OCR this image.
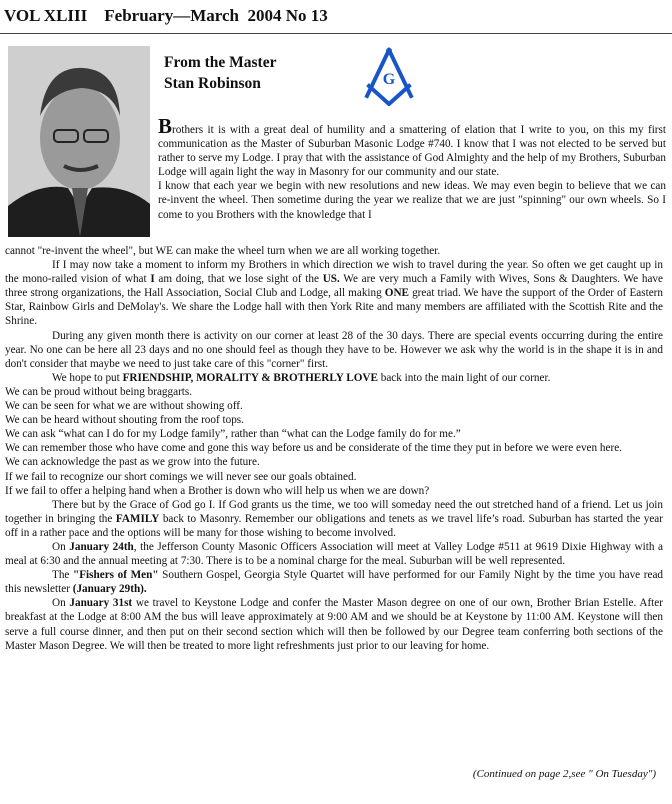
VOL XLIII    February—March  2004 No 13
From the Master
Stan Robinson	G
Brothers it is with a great deal of humility and a smattering of elation that I write to you, on this my first communication as the Master of Suburban Masonic Lodge #740. I know that I was not elected to be served but rather to serve my Lodge. I pray that with the assistance of God Almighty and the help of my Brothers, Suburban Lodge will again light the way in Masonry for our community and our state.
I know that each year we begin with new resolutions and new ideas. We may even begin to believe that we can re-invent the wheel. Then sometime during the year we realize that we are just "spinning" our own wheels. So I come to you Brothers with the knowledge that I

cannot "re-invent the wheel", but WE can make the wheel turn when we are all working together.

If I may now take a moment to inform my Brothers in which direction we wish to travel during the year. So often we get caught up in the mono-railed vision of what I am doing, that we lose sight of the US. We are very much a Family with Wives, Sons & Daughters. We have three strong organizations, the Hall Association, Social Club and Lodge, all making ONE great triad. We have the support of the Order of Eastern Star, Rainbow Girls and DeMolay's. We share the Lodge hall with then York Rite and many members are affiliated with the Scottish Rite and the Shrine.

During any given month there is activity on our corner at least 28 of the 30 days. There are special events occurring during the entire year. No one can be here all 23 days and no one should feel as though they have to be. However we ask why the world is in the shape it is in and don't consider that maybe we need to just take care of this "corner" first.

We hope to put FRIENDSHIP, MORALITY & BROTHERLY LOVE back into the main light of our corner.

We can be proud without being braggarts.

We can be seen for what we are without showing off.

We can be heard without shouting from the roof tops.

We can ask “what can I do for my Lodge family”, rather than “what can the Lodge family do for me.”

We can remember those who have come and gone this way before us and be considerate of the time they put in before we were even here.

We can acknowledge the past as we grow into the future.

If we fail to recognize our short comings we will never see our goals obtained.

If we fail to offer a helping hand when a Brother is down who will help us when we are down?

There but by the Grace of God go I. If God grants us the time, we too will someday need the out stretched hand of a friend. Let us join together in bringing the FAMILY back to Masonry. Remember our obligations and tenets as we travel life’s road. Suburban has started the year off in a rather pace and the options will be many for those wishing to become involved.

On January 24th, the Jefferson County Masonic Officers Association will meet at Valley Lodge #511 at 9619 Dixie Highway with a meal at 6:30 and the annual meeting at 7:30. There is to be a nominal charge for the meal. Suburban will be well represented.

The "Fishers of Men" Southern Gospel, Georgia Style Quartet will have performed for our Family Night by the time you have read this newsletter (January 29th).

On January 31st we travel to Keystone Lodge and confer the Master Mason degree on one of our own, Brother Brian Estelle. After breakfast at the Lodge at 8:00 AM the bus will leave approximately at 9:00 AM and we should be at Keystone by 11:00 AM. Keystone will then serve a full course dinner, and then put on their second section which will then be followed by our Degree team conferring both sections of the Master Mason Degree. We will then be treated to more light refreshments just prior to our leaving for home.

(Continued on page 2,see " On Tuesday")
